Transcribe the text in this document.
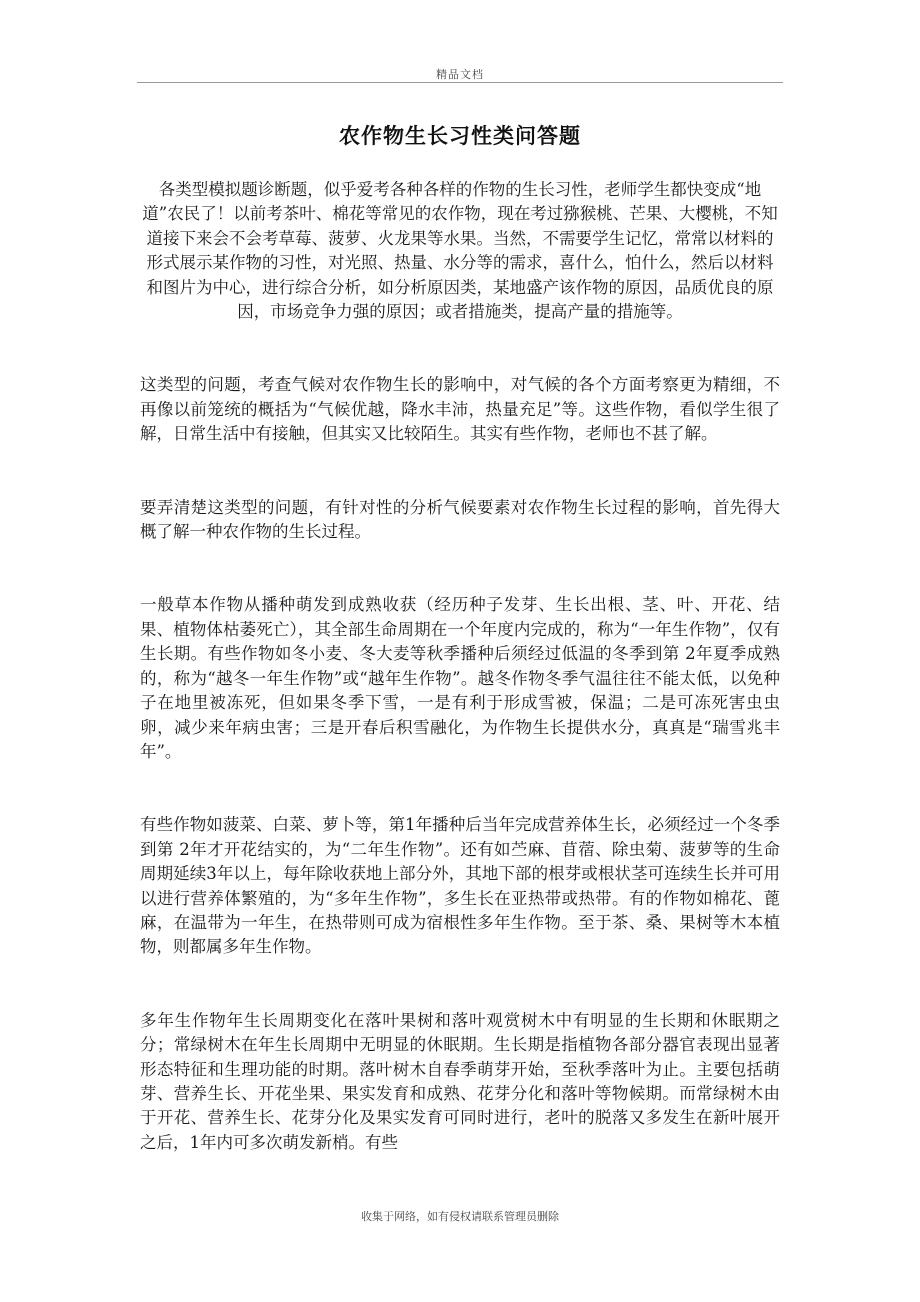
精品文档
农作物生长习性类问答题

各类型模拟题诊断题，似乎爱考各种各样的作物的生长习性，老师学生都快变成“地道”农民了！以前考茶叶、棉花等常见的农作物，现在考过猕猴桃、芒果、大樱桃，不知道接下来会不会考草莓、菠萝、火龙果等水果。当然，不需要学生记忆，常常以材料的形式展示某作物的习性，对光照、热量、水分等的需求，喜什么，怕什么，然后以材料和图片为中心，进行综合分析，如分析原因类，某地盛产该作物的原因，品质优良的原因，市场竞争力强的原因；或者措施类，提高产量的措施等。

这类型的问题，考查气候对农作物生长的影响中，对气候的各个方面考察更为精细，不再像以前笼统的概括为“气候优越，降水丰沛，热量充足”等。这些作物，看似学生很了解，日常生活中有接触，但其实又比较陌生。其实有些作物，老师也不甚了解。

要弄清楚这类型的问题，有针对性的分析气候要素对农作物生长过程的影响，首先得大概了解一种农作物的生长过程。

一般草本作物从播种萌发到成熟收获（经历种子发芽、生长出根、茎、叶、开花、结果、植物体枯萎死亡），其全部生命周期在一个年度内完成的，称为“一年生作物”，仅有生长期。有些作物如冬小麦、冬大麦等秋季播种后须经过低温的冬季到第 2年夏季成熟的，称为“越冬一年生作物”或“越年生作物”。越冬作物冬季气温往往不能太低，以免种子在地里被冻死，但如果冬季下雪，一是有利于形成雪被，保温；二是可冻死害虫虫卵，减少来年病虫害；三是开春后积雪融化，为作物生长提供水分，真真是“瑞雪兆丰年”。

有些作物如菠菜、白菜、萝卜等，第1年播种后当年完成营养体生长，必须经过一个冬季到第 2年才开花结实的，为“二年生作物”。还有如苎麻、苜蓿、除虫菊、菠萝等的生命周期延续3年以上，每年除收获地上部分外，其地下部的根芽或根状茎可连续生长并可用以进行营养体繁殖的，为“多年生作物”，多生长在亚热带或热带。有的作物如棉花、蓖麻，在温带为一年生，在热带则可成为宿根性多年生作物。至于茶、桑、果树等木本植物，则都属多年生作物。

多年生作物年生长周期变化在落叶果树和落叶观赏树木中有明显的生长期和休眠期之分；常绿树木在年生长周期中无明显的休眠期。生长期是指植物各部分器官表现出显著形态特征和生理功能的时期。落叶树木自春季萌芽开始，至秋季落叶为止。主要包括萌芽、营养生长、开花坐果、果实发育和成熟、花芽分化和落叶等物候期。而常绿树木由于开花、营养生长、花芽分化及果实发育可同时进行，老叶的脱落又多发生在新叶展开之后，1年内可多次萌发新梢。有些

收集于网络，如有侵权请联系管理员删除
